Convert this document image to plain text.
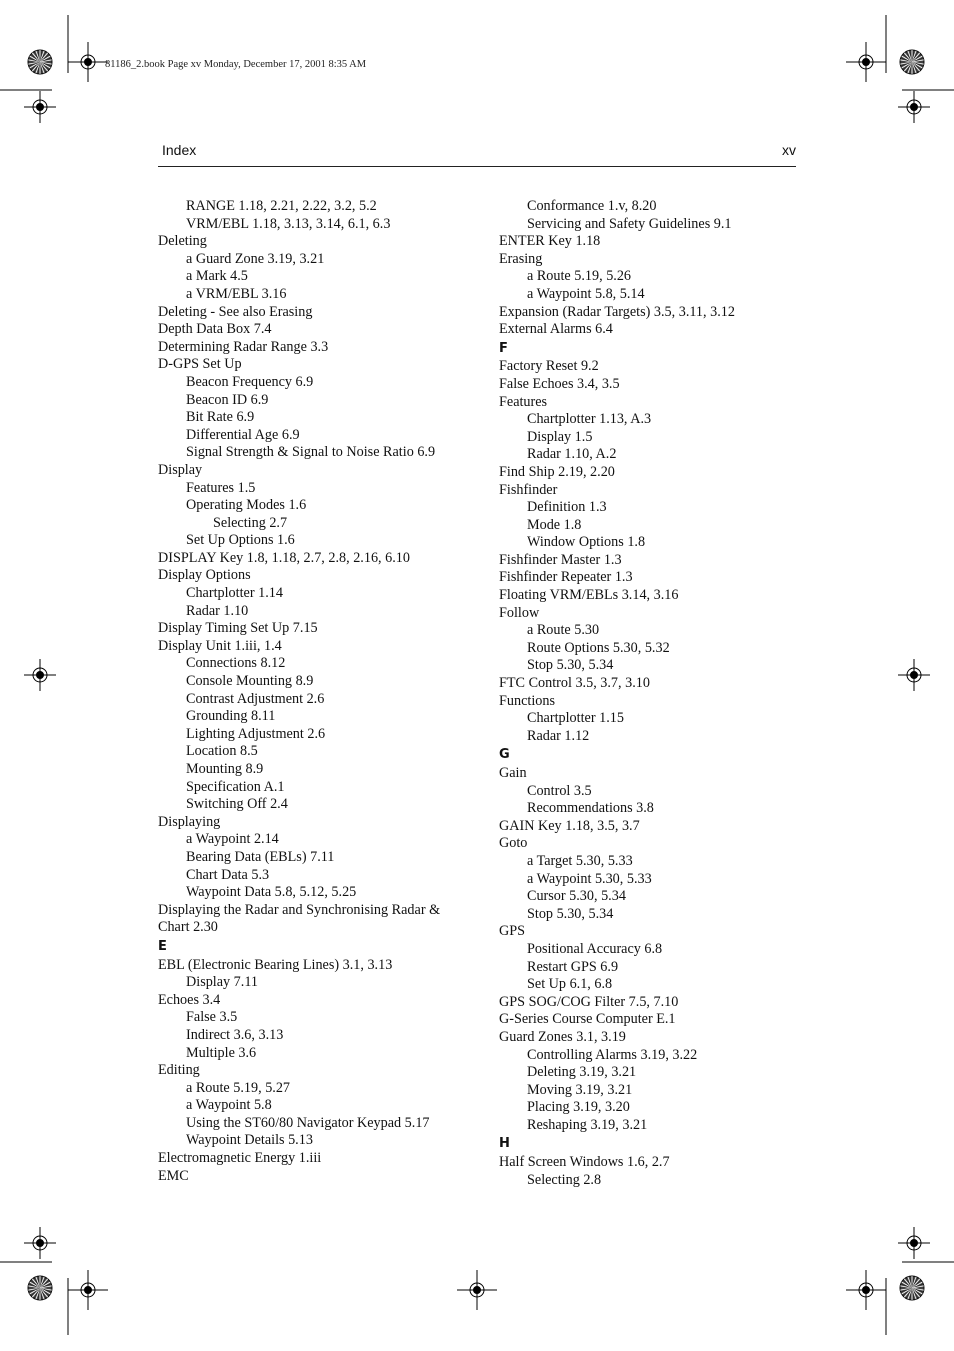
81186_2.book Page xv Monday, December 17, 2001 8:35 AM
Index	xv
RANGE 1.18, 2.21, 2.22, 3.2, 5.2
VRM/EBL 1.18, 3.13, 3.14, 6.1, 6.3
Deleting
a Guard Zone 3.19, 3.21
a Mark 4.5
a VRM/EBL 3.16
Deleting - See also Erasing
Depth Data Box 7.4
Determining Radar Range 3.3
D-GPS Set Up
Beacon Frequency 6.9
Beacon ID 6.9
Bit Rate 6.9
Differential Age 6.9
Signal Strength & Signal to Noise Ratio 6.9
Display
Features 1.5
Operating Modes 1.6
Selecting 2.7
Set Up Options 1.6
DISPLAY Key 1.8, 1.18, 2.7, 2.8, 2.16, 6.10
Display Options
Chartplotter 1.14
Radar 1.10
Display Timing Set Up 7.15
Display Unit 1.iii, 1.4
Connections 8.12
Console Mounting 8.9
Contrast Adjustment 2.6
Grounding 8.11
Lighting Adjustment 2.6
Location 8.5
Mounting 8.9
Specification A.1
Switching Off 2.4
Displaying
a Waypoint 2.14
Bearing Data (EBLs) 7.11
Chart Data 5.3
Waypoint Data 5.8, 5.12, 5.25
Displaying the Radar and Synchronising Radar &
Chart 2.30
E
EBL (Electronic Bearing Lines) 3.1, 3.13
Display 7.11
Echoes 3.4
False 3.5
Indirect 3.6, 3.13
Multiple 3.6
Editing
a Route 5.19, 5.27
a Waypoint 5.8
Using the ST60/80 Navigator Keypad 5.17
Waypoint Details 5.13
Electromagnetic Energy 1.iii
EMC
Conformance 1.v, 8.20
Servicing and Safety Guidelines 9.1
ENTER Key 1.18
Erasing
a Route 5.19, 5.26
a Waypoint 5.8, 5.14
Expansion (Radar Targets) 3.5, 3.11, 3.12
External Alarms 6.4
F
Factory Reset 9.2
False Echoes 3.4, 3.5
Features
Chartplotter 1.13, A.3
Display 1.5
Radar 1.10, A.2
Find Ship 2.19, 2.20
Fishfinder
Definition 1.3
Mode 1.8
Window Options 1.8
Fishfinder Master 1.3
Fishfinder Repeater 1.3
Floating VRM/EBLs 3.14, 3.16
Follow
a Route 5.30
Route Options 5.30, 5.32
Stop 5.30, 5.34
FTC Control 3.5, 3.7, 3.10
Functions
Chartplotter 1.15
Radar 1.12
G
Gain
Control 3.5
Recommendations 3.8
GAIN Key 1.18, 3.5, 3.7
Goto
a Target 5.30, 5.33
a Waypoint 5.30, 5.33
Cursor 5.30, 5.34
Stop 5.30, 5.34
GPS
Positional Accuracy 6.8
Restart GPS 6.9
Set Up 6.1, 6.8
GPS SOG/COG Filter 7.5, 7.10
G-Series Course Computer E.1
Guard Zones 3.1, 3.19
Controlling Alarms 3.19, 3.22
Deleting 3.19, 3.21
Moving 3.19, 3.21
Placing 3.19, 3.20
Reshaping 3.19, 3.21
H
Half Screen Windows 1.6, 2.7
Selecting 2.8
